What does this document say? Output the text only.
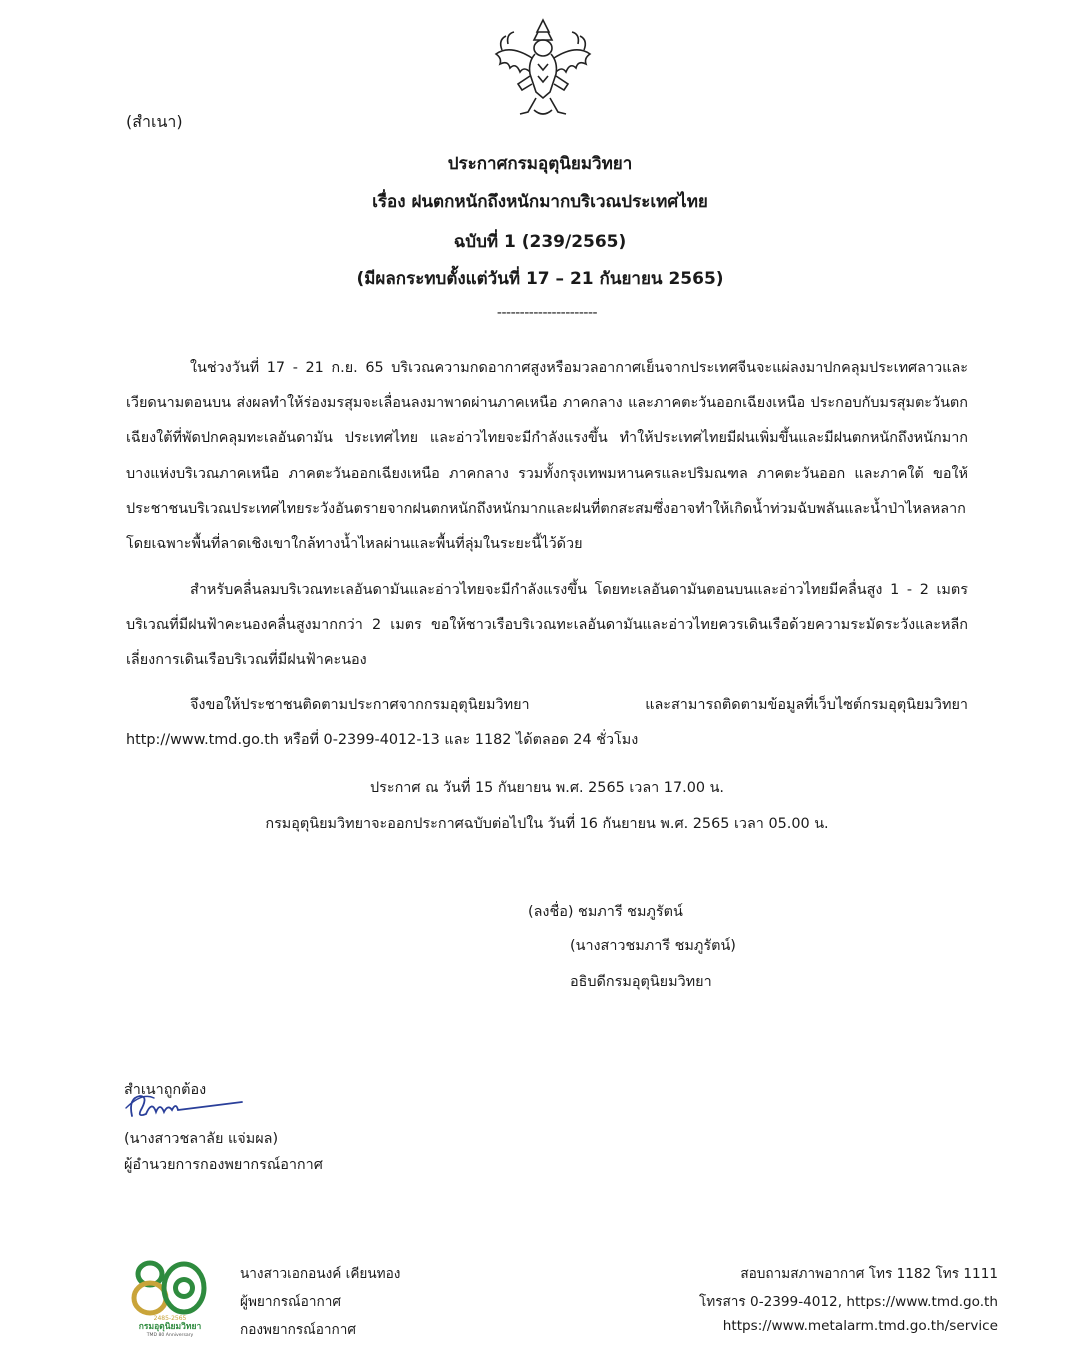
(สำเนา)
ประกาศกรมอุตุนิยมวิทยา
เรื่อง ฝนตกหนักถึงหนักมากบริเวณประเทศไทย
ฉบับที่ 1 (239/2565)
(มีผลกระทบตั้งแต่วันที่ 17 – 21 กันยายน 2565)
----------------------

ในช่วงวันที่ 17 - 21 ก.ย. 65 บริเวณความกดอากาศสูงหรือมวลอากาศเย็นจากประเทศจีนจะแผ่ลงมาปกคลุมประเทศลาวและเวียดนามตอนบน ส่งผลทำให้ร่องมรสุมจะเลื่อนลงมาพาดผ่านภาคเหนือ ภาคกลาง และภาคตะวันออกเฉียงเหนือ ประกอบกับมรสุมตะวันตกเฉียงใต้ที่พัดปกคลุมทะเลอันดามัน ประเทศไทย และอ่าวไทยจะมีกำลังแรงขึ้น ทำให้ประเทศไทยมีฝนเพิ่มขึ้นและมีฝนตกหนักถึงหนักมากบางแห่งบริเวณภาคเหนือ ภาคตะวันออกเฉียงเหนือ ภาคกลาง รวมทั้งกรุงเทพมหานครและปริมณฑล ภาคตะวันออก และภาคใต้ ขอให้ประชาชนบริเวณประเทศไทยระวังอันตรายจากฝนตกหนักถึงหนักมากและฝนที่ตกสะสมซึ่งอาจทำให้เกิดน้ำท่วมฉับพลันและน้ำป่าไหลหลาก โดยเฉพาะพื้นที่ลาดเชิงเขาใกล้ทางน้ำไหลผ่านและพื้นที่ลุ่มในระยะนี้ไว้ด้วย

สำหรับคลื่นลมบริเวณทะเลอันดามันและอ่าวไทยจะมีกำลังแรงขึ้น โดยทะเลอันดามันตอนบนและอ่าวไทยมีคลื่นสูง 1 - 2 เมตร บริเวณที่มีฝนฟ้าคะนองคลื่นสูงมากกว่า 2 เมตร ขอให้ชาวเรือบริเวณทะเลอันดามันและอ่าวไทยควรเดินเรือด้วยความระมัดระวังและหลีกเลี่ยงการเดินเรือบริเวณที่มีฝนฟ้าคะนอง

จึงขอให้ประชาชนติดตามประกาศจากกรมอุตุนิยมวิทยา และสามารถติดตามข้อมูลที่เว็บไซต์กรมอุตุนิยมวิทยา http://www.tmd.go.th หรือที่ 0-2399-4012-13 และ 1182 ได้ตลอด 24 ชั่วโมง

ประกาศ ณ วันที่ 15 กันยายน พ.ศ. 2565 เวลา 17.00 น.
กรมอุตุนิยมวิทยาจะออกประกาศฉบับต่อไปใน วันที่ 16 กันยายน พ.ศ. 2565 เวลา 05.00 น.
(ลงชื่อ) ชมภารี ชมภูรัตน์
(นางสาวชมภารี ชมภูรัตน์)
อธิบดีกรมอุตุนิยมวิทยา
สำเนาถูกต้อง
(นางสาวชลาลัย แจ่มผล)
ผู้อำนวยการกองพยากรณ์อากาศ
2485-2565
กรมอุตุนิยมวิทยา
TMD 80 Anniversary
นางสาวเอกอนงค์ เคียนทอง
ผู้พยากรณ์อากาศ
กองพยากรณ์อากาศ
สอบถามสภาพอากาศ โทร 1182 โทร 1111
โทรสาร 0-2399-4012, https://www.tmd.go.th
https://www.metalarm.tmd.go.th/service
